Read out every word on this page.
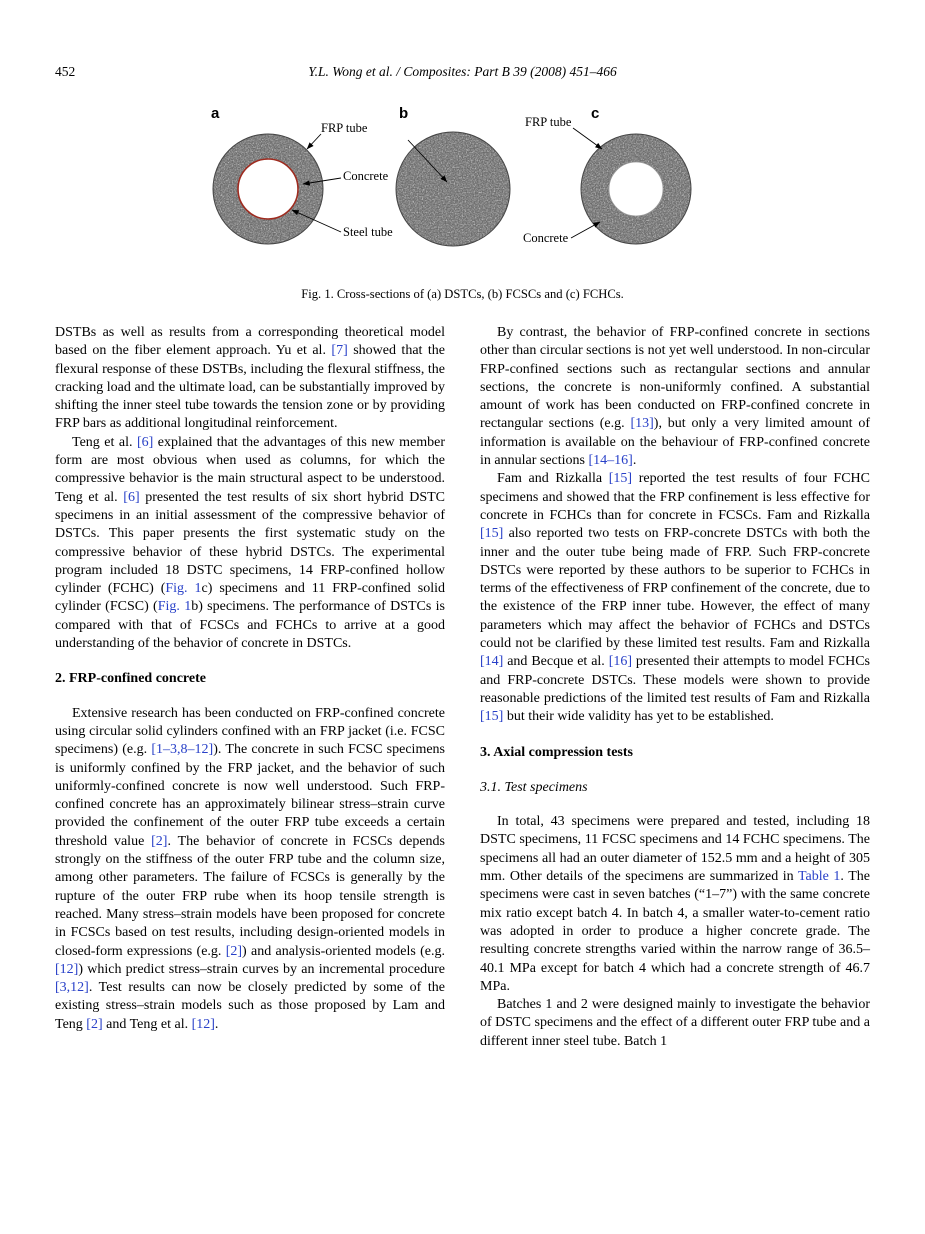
452	Y.L. Wong et al. / Composites: Part B 39 (2008) 451–466
a	b	c
FRP tube
Concrete
Steel tube
FRP tube
Concrete
Fig. 1. Cross-sections of (a) DSTCs, (b) FCSCs and (c) FCHCs.

DSTBs as well as results from a corresponding theoretical model based on the fiber element approach. Yu et al. [7] showed that the flexural response of these DSTBs, including the flexural stiffness, the cracking load and the ultimate load, can be substantially improved by shifting the inner steel tube towards the tension zone or by providing FRP bars as additional longitudinal reinforcement.

Teng et al. [6] explained that the advantages of this new member form are most obvious when used as columns, for which the compressive behavior is the main structural aspect to be understood. Teng et al. [6] presented the test results of six short hybrid DSTC specimens in an initial assessment of the compressive behavior of DSTCs. This paper presents the first systematic study on the compressive behavior of these hybrid DSTCs. The experimental program included 18 DSTC specimens, 14 FRP-confined hollow cylinder (FCHC) (Fig. 1c) specimens and 11 FRP-confined solid cylinder (FCSC) (Fig. 1b) specimens. The performance of DSTCs is compared with that of FCSCs and FCHCs to arrive at a good understanding of the behavior of concrete in DSTCs.

2. FRP-confined concrete

Extensive research has been conducted on FRP-confined concrete using circular solid cylinders confined with an FRP jacket (i.e. FCSC specimens) (e.g. [1–3,8–12]). The concrete in such FCSC specimens is uniformly confined by the FRP jacket, and the behavior of such uniformly-confined concrete is now well understood. Such FRP-confined concrete has an approximately bilinear stress–strain curve provided the confinement of the outer FRP tube exceeds a certain threshold value [2]. The behavior of concrete in FCSCs depends strongly on the stiffness of the outer FRP tube and the column size, among other parameters. The failure of FCSCs is generally by the rupture of the outer FRP rube when its hoop tensile strength is reached. Many stress–strain models have been proposed for concrete in FCSCs based on test results, including design-oriented models in closed-form expressions (e.g. [2]) and analysis-oriented models (e.g. [12]) which predict stress–strain curves by an incremental procedure [3,12]. Test results can now be closely predicted by some of the existing stress–strain models such as those proposed by Lam and Teng [2] and Teng et al. [12].

By contrast, the behavior of FRP-confined concrete in sections other than circular sections is not yet well understood. In non-circular FRP-confined sections such as rectangular sections and annular sections, the concrete is non-uniformly confined. A substantial amount of work has been conducted on FRP-confined concrete in rectangular sections (e.g. [13]), but only a very limited amount of information is available on the behaviour of FRP-confined concrete in annular sections [14–16].

Fam and Rizkalla [15] reported the test results of four FCHC specimens and showed that the FRP confinement is less effective for concrete in FCHCs than for concrete in FCSCs. Fam and Rizkalla [15] also reported two tests on FRP-concrete DSTCs with both the inner and the outer tube being made of FRP. Such FRP-concrete DSTCs were reported by these authors to be superior to FCHCs in terms of the effectiveness of FRP confinement of the concrete, due to the existence of the FRP inner tube. However, the effect of many parameters which may affect the behavior of FCHCs and DSTCs could not be clarified by these limited test results. Fam and Rizkalla [14] and Becque et al. [16] presented their attempts to model FCHCs and FRP-concrete DSTCs. These models were shown to provide reasonable predictions of the limited test results of Fam and Rizkalla [15] but their wide validity has yet to be established.

3. Axial compression tests
3.1. Test specimens

In total, 43 specimens were prepared and tested, including 18 DSTC specimens, 11 FCSC specimens and 14 FCHC specimens. The specimens all had an outer diameter of 152.5 mm and a height of 305 mm. Other details of the specimens are summarized in Table 1. The specimens were cast in seven batches (“1–7”) with the same concrete mix ratio except batch 4. In batch 4, a smaller water-to-cement ratio was adopted in order to produce a higher concrete grade. The resulting concrete strengths varied within the narrow range of 36.5–40.1 MPa except for batch 4 which had a concrete strength of 46.7 MPa.

Batches 1 and 2 were designed mainly to investigate the behavior of DSTC specimens and the effect of a different outer FRP tube and a different inner steel tube. Batch 1
